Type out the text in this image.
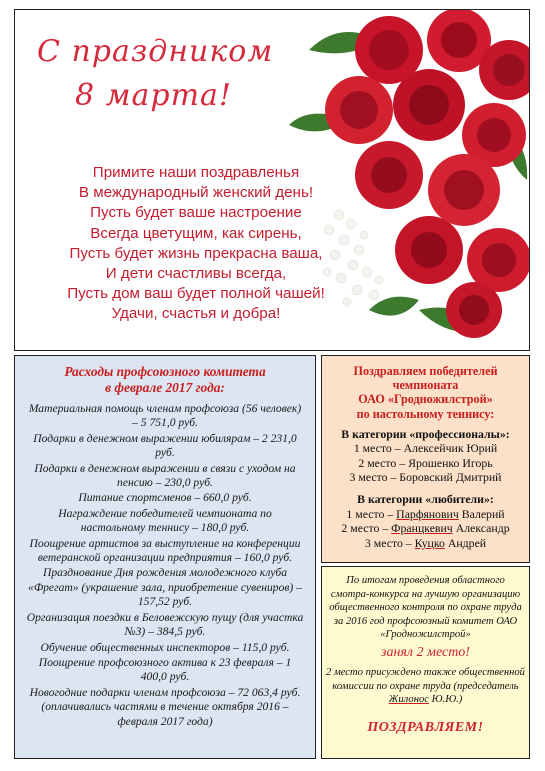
С праздником
8 марта!
Примите наши поздравленья
В международный женский день!
Пусть будет ваше настроение
Всегда цветущим, как сирень,
Пусть будет жизнь прекрасна ваша,
И дети счастливы всегда,
Пусть дом ваш будет полной чашей!
Удачи, счастья и добра!
Расходы профсоюзного комитета
в феврале 2017 года:
Материальная помощь членам профсоюза (56 человек) – 5 751,0 руб.
Подарки в денежном выражении юбилярам – 2 231,0 руб.
Подарки в денежном выражении в связи с уходом на пенсию – 230,0 руб.
Питание спортсменов – 660,0 руб.
Награждение победителей чемпионата по настольному теннису – 180,0 руб.
Поощрение артистов за выступление на конференции ветеранской организации предприятия – 160,0 руб.
Празднование Дня рождения молодежного клуба «Фрегат» (украшение зала, приобретение сувениров) – 157,52 руб.
Организация поездки в Беловежскую пущу (для участка №3) – 384,5 руб.
Обучение общественных инспекторов – 115,0 руб.
Поощрение профсоюзного актива к 23 февраля – 1 400,0 руб.
Новогодние подарки членам профсоюза – 72 063,4 руб. (оплачивались частями в течение октября 2016 – февраля 2017 года)
Поздравляем победителей
чемпионата
ОАО «Гродножилстрой»
по настольному теннису:
В категории «профессионалы»:
1 место – Алексейчик Юрий
2 место – Ярошенко Игорь
3 место – Боровский Дмитрий
В категории «любители»:
1 место – Парфянович Валерий
2 место – Францкевич Александр
3 место – Куцко Андрей
По итогам проведения областного смотра-конкурса на лучшую организацию общественного контроля по охране труда за 2016 год профсоюзный комитет ОАО «Гродножилстрой»
занял 2 место!
2 место присуждено также общественной комиссии по охране труда (председатель Жилонос Ю.Ю.)
ПОЗДРАВЛЯЕМ!
